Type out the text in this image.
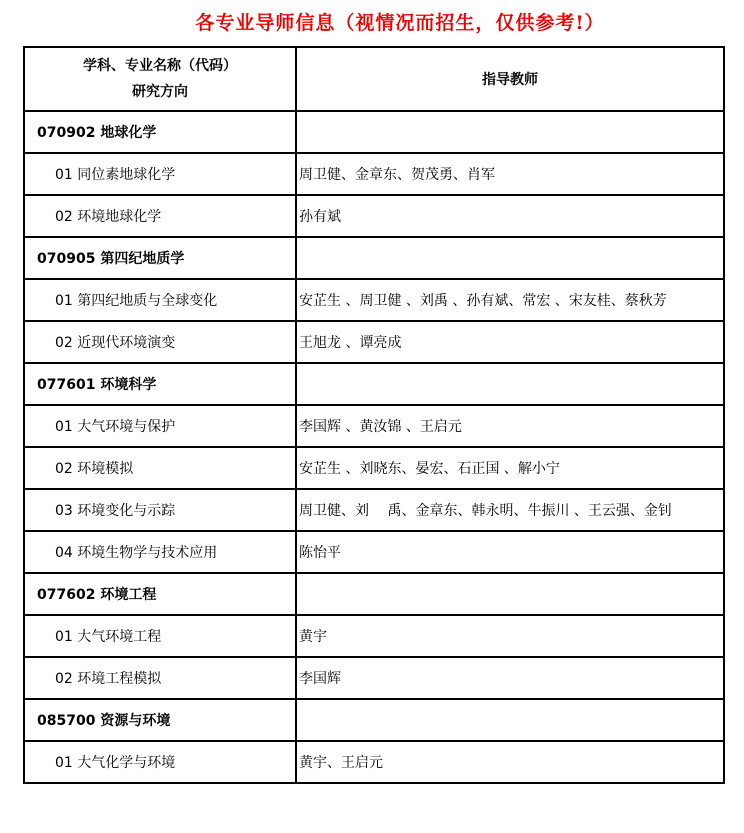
各专业导师信息（视情况而招生，仅供参考!）
学科、专业名称（代码）
研究方向	指导教师
070902 地球化学	
01 同位素地球化学	周卫健、金章东、贺茂勇、肖军
02 环境地球化学	孙有斌
070905 第四纪地质学	
01 第四纪地质与全球变化	安芷生 、周卫健 、刘禹 、孙有斌、常宏 、宋友桂、蔡秋芳
02 近现代环境演变	王旭龙 、谭亮成
077601 环境科学	
01 大气环境与保护	李国辉 、黄汝锦 、王启元
02 环境模拟	安芷生 、刘晓东、晏宏、石正国 、解小宁
03 环境变化与示踪	周卫健、刘　 禹、金章东、韩永明、牛振川 、王云强、金钊
04 环境生物学与技术应用	陈怡平
077602 环境工程	
01 大气环境工程	黄宇
02 环境工程模拟	李国辉
085700 资源与环境	
01 大气化学与环境	黄宇、王启元
